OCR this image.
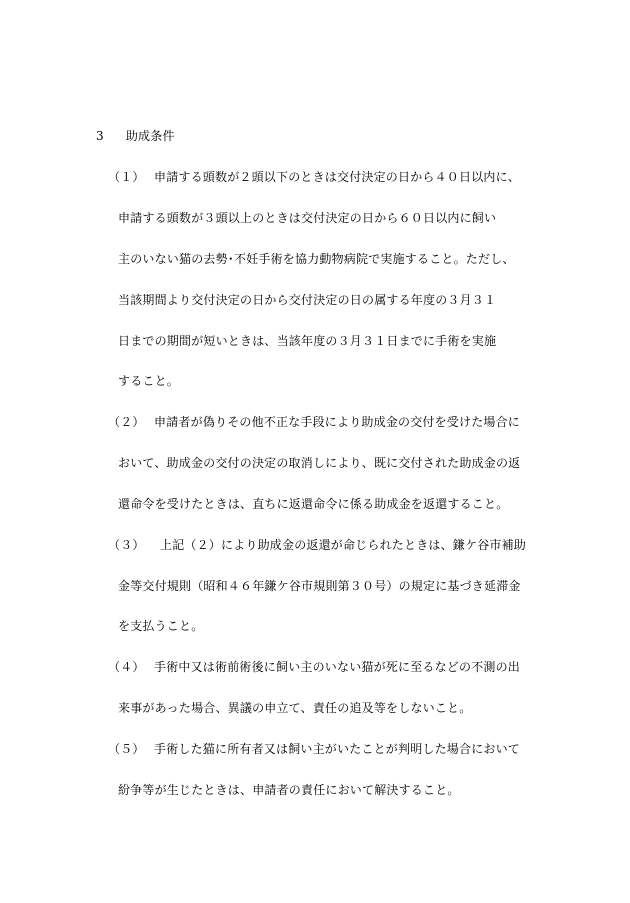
3 助成条件
（１） 申請する頭数が２頭以下のときは交付決定の日から４０日以内に、
申請する頭数が３頭以上のときは交付決定の日から６０日以内に飼い
主のいない猫の去勢･不妊手術を協力動物病院で実施すること。ただし、
当該期間より交付決定の日から交付決定の日の属する年度の３月３１
日までの期間が短いときは、当該年度の３月３１日までに手術を実施
すること。
（２） 申請者が偽りその他不正な手段により助成金の交付を受けた場合に
おいて、助成金の交付の決定の取消しにより、既に交付された助成金の返
還命令を受けたときは、直ちに返還命令に係る助成金を返還すること。
（３） 上記（２）により助成金の返還が命じられたときは、鎌ケ谷市補助
金等交付規則（昭和４６年鎌ケ谷市規則第３０号）の規定に基づき延滞金
を支払うこと。
（４） 手術中又は術前術後に飼い主のいない猫が死に至るなどの不測の出
来事があった場合、異議の申立て、責任の追及等をしないこと。
（５） 手術した猫に所有者又は飼い主がいたことが判明した場合において
紛争等が生じたときは、申請者の責任において解決すること。
